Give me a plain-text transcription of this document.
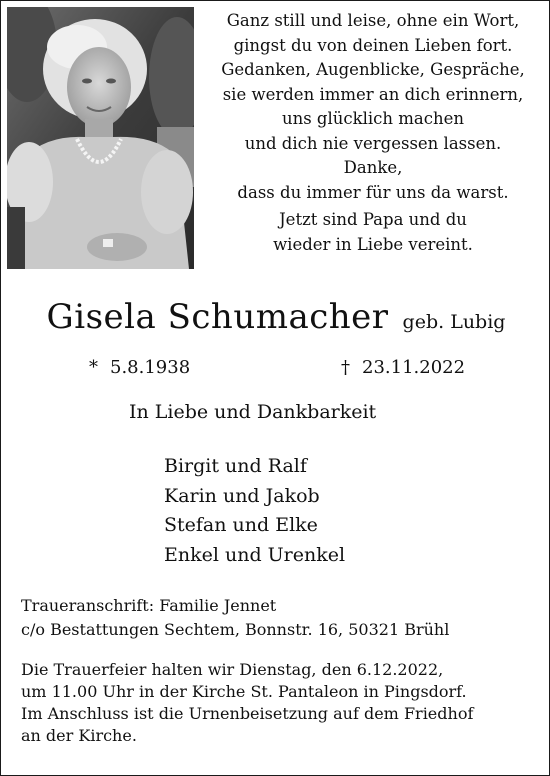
Ganz still und leise, ohne ein Wort,
gingst du von deinen Lieben fort.
Gedanken, Augenblicke, Gespräche,
sie werden immer an dich erinnern,
uns glücklich machen
und dich nie vergessen lassen.
Danke,
dass du immer für uns da warst.
Jetzt sind Papa und du
wieder in Liebe vereint.
Gisela Schumacher geb. Lubig
* 5.8.1938	† 23.11.2022
In Liebe und Dankbarkeit
Birgit und Ralf
Karin und Jakob
Stefan und Elke
Enkel und Urenkel
Traueranschrift: Familie Jennet
c/o Bestattungen Sechtem, Bonnstr. 16, 50321 Brühl
Die Trauerfeier halten wir Dienstag, den 6.12.2022,
um 11.00 Uhr in der Kirche St. Pantaleon in Pingsdorf.
Im Anschluss ist die Urnenbeisetzung auf dem Friedhof
an der Kirche.
